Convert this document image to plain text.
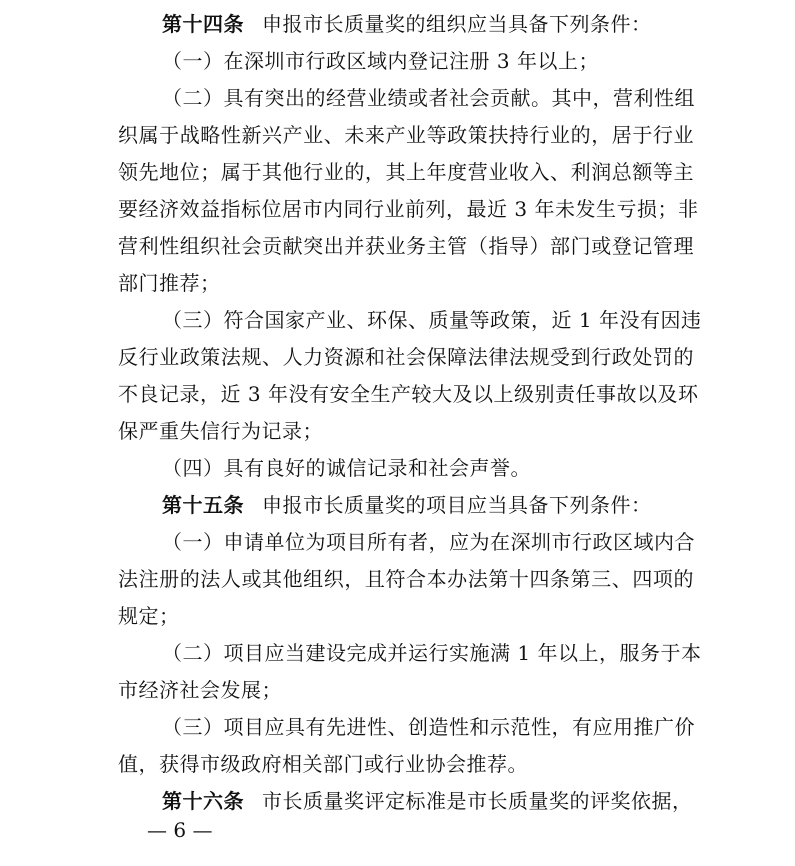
第十四条 申报市长质量奖的组织应当具备下列条件：
（一）在深圳市行政区域内登记注册 3 年以上；
（二）具有突出的经营业绩或者社会贡献。其中，营利性组
织属于战略性新兴产业、未来产业等政策扶持行业的，居于行业
领先地位；属于其他行业的，其上年度营业收入、利润总额等主
要经济效益指标位居市内同行业前列，最近 3 年未发生亏损；非
营利性组织社会贡献突出并获业务主管（指导）部门或登记管理
部门推荐；
（三）符合国家产业、环保、质量等政策，近 1 年没有因违
反行业政策法规、人力资源和社会保障法律法规受到行政处罚的
不良记录，近 3 年没有安全生产较大及以上级别责任事故以及环
保严重失信行为记录；
（四）具有良好的诚信记录和社会声誉。
第十五条 申报市长质量奖的项目应当具备下列条件：
（一）申请单位为项目所有者，应为在深圳市行政区域内合
法注册的法人或其他组织，且符合本办法第十四条第三、四项的
规定；
（二）项目应当建设完成并运行实施满 1 年以上，服务于本
市经济社会发展；
（三）项目应具有先进性、创造性和示范性，有应用推广价
值，获得市级政府相关部门或行业协会推荐。
第十六条 市长质量奖评定标准是市长质量奖的评奖依据，
— 6 —
